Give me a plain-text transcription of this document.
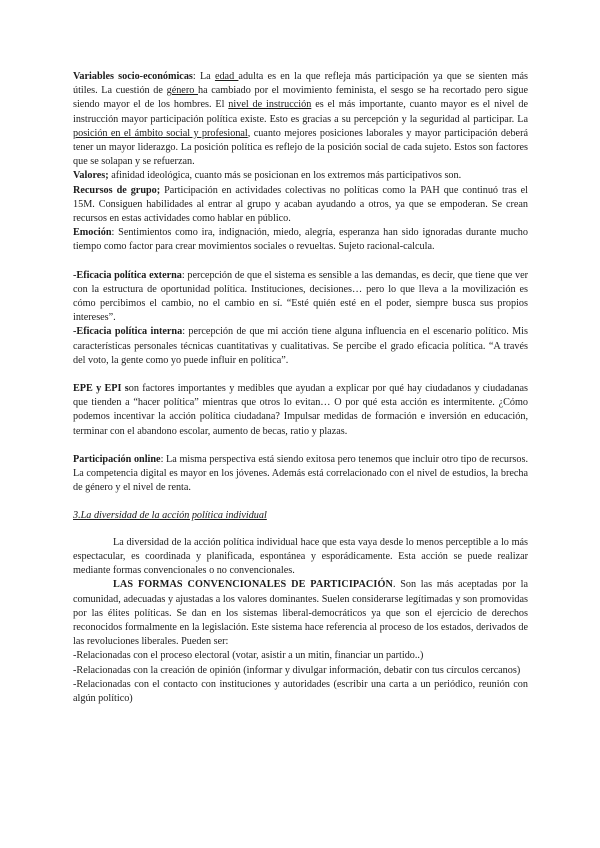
Variables socio-económicas: La edad adulta es en la que refleja más participación ya que se sienten más útiles. La cuestión de género ha cambiado por el movimiento feminista, el sesgo se ha recortado pero sigue siendo mayor el de los hombres. El nivel de instrucción es el más importante, cuanto mayor es el nivel de instrucción mayor participación política existe. Esto es gracias a su percepción y la seguridad al participar. La posición en el ámbito social y profesional, cuanto mejores posiciones laborales y mayor participación deberá tener un mayor liderazgo. La posición política es reflejo de la posición social de cada sujeto. Estos son factores que se solapan y se refuerzan.

Valores; afinidad ideológica, cuanto más se posicionan en los extremos más participativos son.

Recursos de grupo; Participación en actividades colectivas no políticas como la PAH que continuó tras el 15M. Consiguen habilidades al entrar al grupo y acaban ayudando a otros, ya que se empoderan. Se crean recursos en estas actividades como hablar en público.

Emoción: Sentimientos como ira, indignación, miedo, alegría, esperanza han sido ignoradas durante mucho tiempo como factor para crear movimientos sociales o revueltas. Sujeto racional-calcula.

-Eficacia política externa: percepción de que el sistema es sensible a las demandas, es decir, que tiene que ver con la estructura de oportunidad política. Instituciones, decisiones… pero lo que lleva a la movilización es cómo percibimos el cambio, no el cambio en sí. “Esté quién esté en el poder, siempre busca sus propios intereses”.

-Eficacia política interna: percepción de que mi acción tiene alguna influencia en el escenario político. Mis características personales técnicas cuantitativas y cualitativas. Se percibe el grado eficacia política. “A través del voto, la gente como yo puede influir en política”.

EPE y EPI son factores importantes y medibles que ayudan a explicar por qué hay ciudadanos y ciudadanas que tienden a “hacer política” mientras que otros lo evitan… O por qué esta acción es intermitente. ¿Cómo podemos incentivar la acción política ciudadana? Impulsar medidas de formación e inversión en educación, terminar con el abandono escolar, aumento de becas, ratio y plazas.

Participación online: La misma perspectiva está siendo exitosa pero tenemos que incluir otro tipo de recursos. La competencia digital es mayor en los jóvenes. Además está correlacionado con el nivel de estudios, la brecha de género y el nivel de renta.

3.La diversidad de la acción política individual

La diversidad de la acción política individual hace que esta vaya desde lo menos perceptible a lo más espectacular, es coordinada y planificada, espontánea y esporádicamente. Esta acción se puede realizar mediante formas convencionales o no convencionales.

LAS FORMAS CONVENCIONALES DE PARTICIPACIÓN. Son las más aceptadas por la comunidad, adecuadas y ajustadas a los valores dominantes. Suelen considerarse legítimadas y son promovidas por las élites políticas. Se dan en los sistemas liberal-democráticos ya que son el ejercicio de derechos reconocidos formalmente en la legislación. Este sistema hace referencia al proceso de los estados, derivados de las revoluciones liberales. Pueden ser:

-Relacionadas con el proceso electoral (votar, asistir a un mitin, financiar un partido..)

-Relacionadas con la creación de opinión (informar y divulgar información, debatir con tus círculos cercanos)

-Relacionadas con el contacto con instituciones y autoridades (escribir una carta a un periódico, reunión con algún político)
